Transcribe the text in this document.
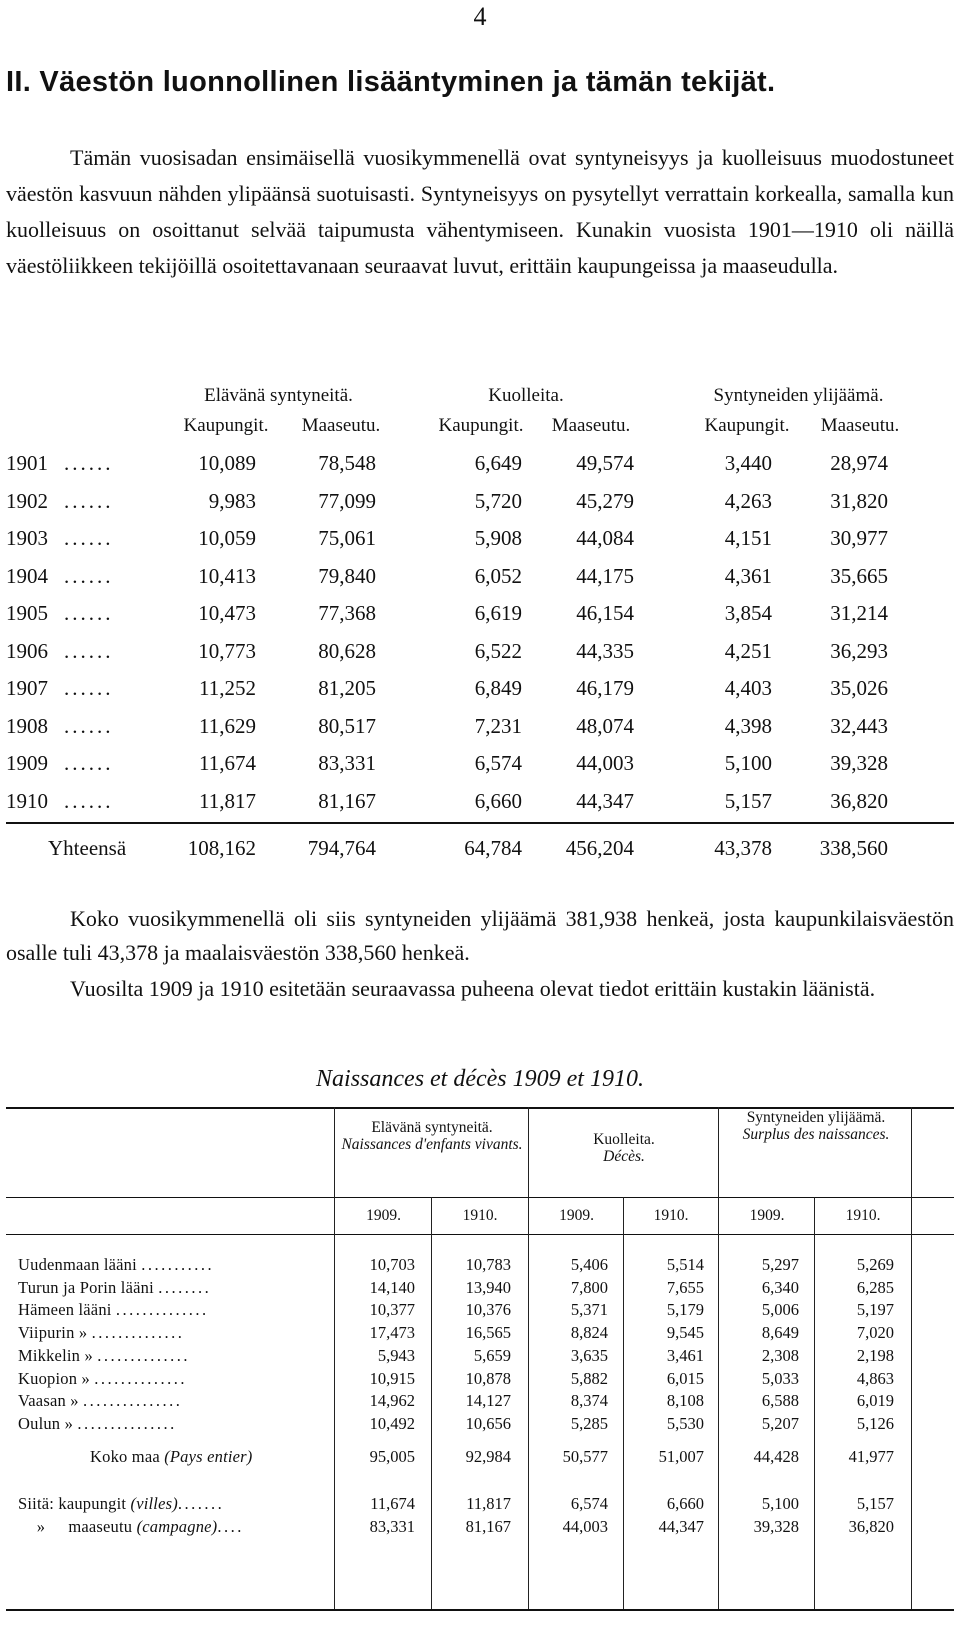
4
II. Väestön luonnollinen lisääntyminen ja tämän tekijät.
Tämän vuosisadan ensimäisellä vuosikymmenellä ovat syntyneisyys ja kuolleisuus muodostuneet väestön kasvuun nähden ylipäänsä suotuisasti. Syntyneisyys on pysytellyt verrattain korkealla, samalla kun kuolleisuus on osoittanut selvää taipumusta vähentymiseen. Kunakin vuosista 1901—1910 oli näillä väestöliikkeen tekijöillä osoitettavanaan seuraavat luvut, erittäin kaupungeissa ja maaseudulla.
Elävänä syntyneitä.	Kuolleita.	Syntyneiden ylijäämä.
Kaupungit.	Maaseutu.	Kaupungit.	Maaseutu.	Kaupungit.	Maaseutu.
1901 ......	10,089	78,548	6,649	49,574	3,440	28,974
1902 ......	9,983	77,099	5,720	45,279	4,263	31,820
1903 ......	10,059	75,061	5,908	44,084	4,151	30,977
1904 ......	10,413	79,840	6,052	44,175	4,361	35,665
1905 ......	10,473	77,368	6,619	46,154	3,854	31,214
1906 ......	10,773	80,628	6,522	44,335	4,251	36,293
1907 ......	11,252	81,205	6,849	46,179	4,403	35,026
1908 ......	11,629	80,517	7,231	48,074	4,398	32,443
1909 ......	11,674	83,331	6,574	44,003	5,100	39,328
1910 ......	11,817	81,167	6,660	44,347	5,157	36,820
Yhteensä	108,162 794,764	64,784 456,204	43,378 338,560
Koko vuosikymmenellä oli siis syntyneiden ylijäämä 381,938 henkeä, josta kaupunkilaisväestön osalle tuli 43,378 ja maalaisväestön 338,560 henkeä.
Vuosilta 1909 ja 1910 esitetään seuraavassa puheena olevat tiedot erittäin kustakin läänistä.
Naissances et décès 1909 et 1910.
Elävänä syntyneitä.
Naissances d'enfants vivants.	Kuolleita.
Décès.
Syntyneiden ylijäämä.
Surplus des naissances.
1909.	1910.	1909.	1910.	1909.	1910.
Uudenmaan lääni ...........	10,703	10,783	5,406	5,514	5,297	5,269
Turun ja Porin lääni ........	14,140	13,940	7,800	7,655	6,340	6,285
Hämeen lääni ..............	10,377	10,376	5,371	5,179	5,006	5,197
Viipurin » ..............	17,473	16,565	8,824	9,545	8,649	7,020
Mikkelin » ..............	5,943	5,659	3,635	3,461	2,308	2,198
Kuopion » ..............	10,915	10,878	5,882	6,015	5,033	4,863
Vaasan » ...............	14,962	14,127	8,374	8,108	6,588	6,019
Oulun » ...............	10,492	10,656	5,285	5,530	5,207	5,126
Koko maa (Pays entier)	95,005	92,984	50,577	51,007	44,428	41,977
Siitä: kaupungit (villes).......	11,674	11,817	6,574	6,660	5,100	5,157
» maaseutu (campagne)....	83,331	81,167	44,003	44,347	39,328	36,820
